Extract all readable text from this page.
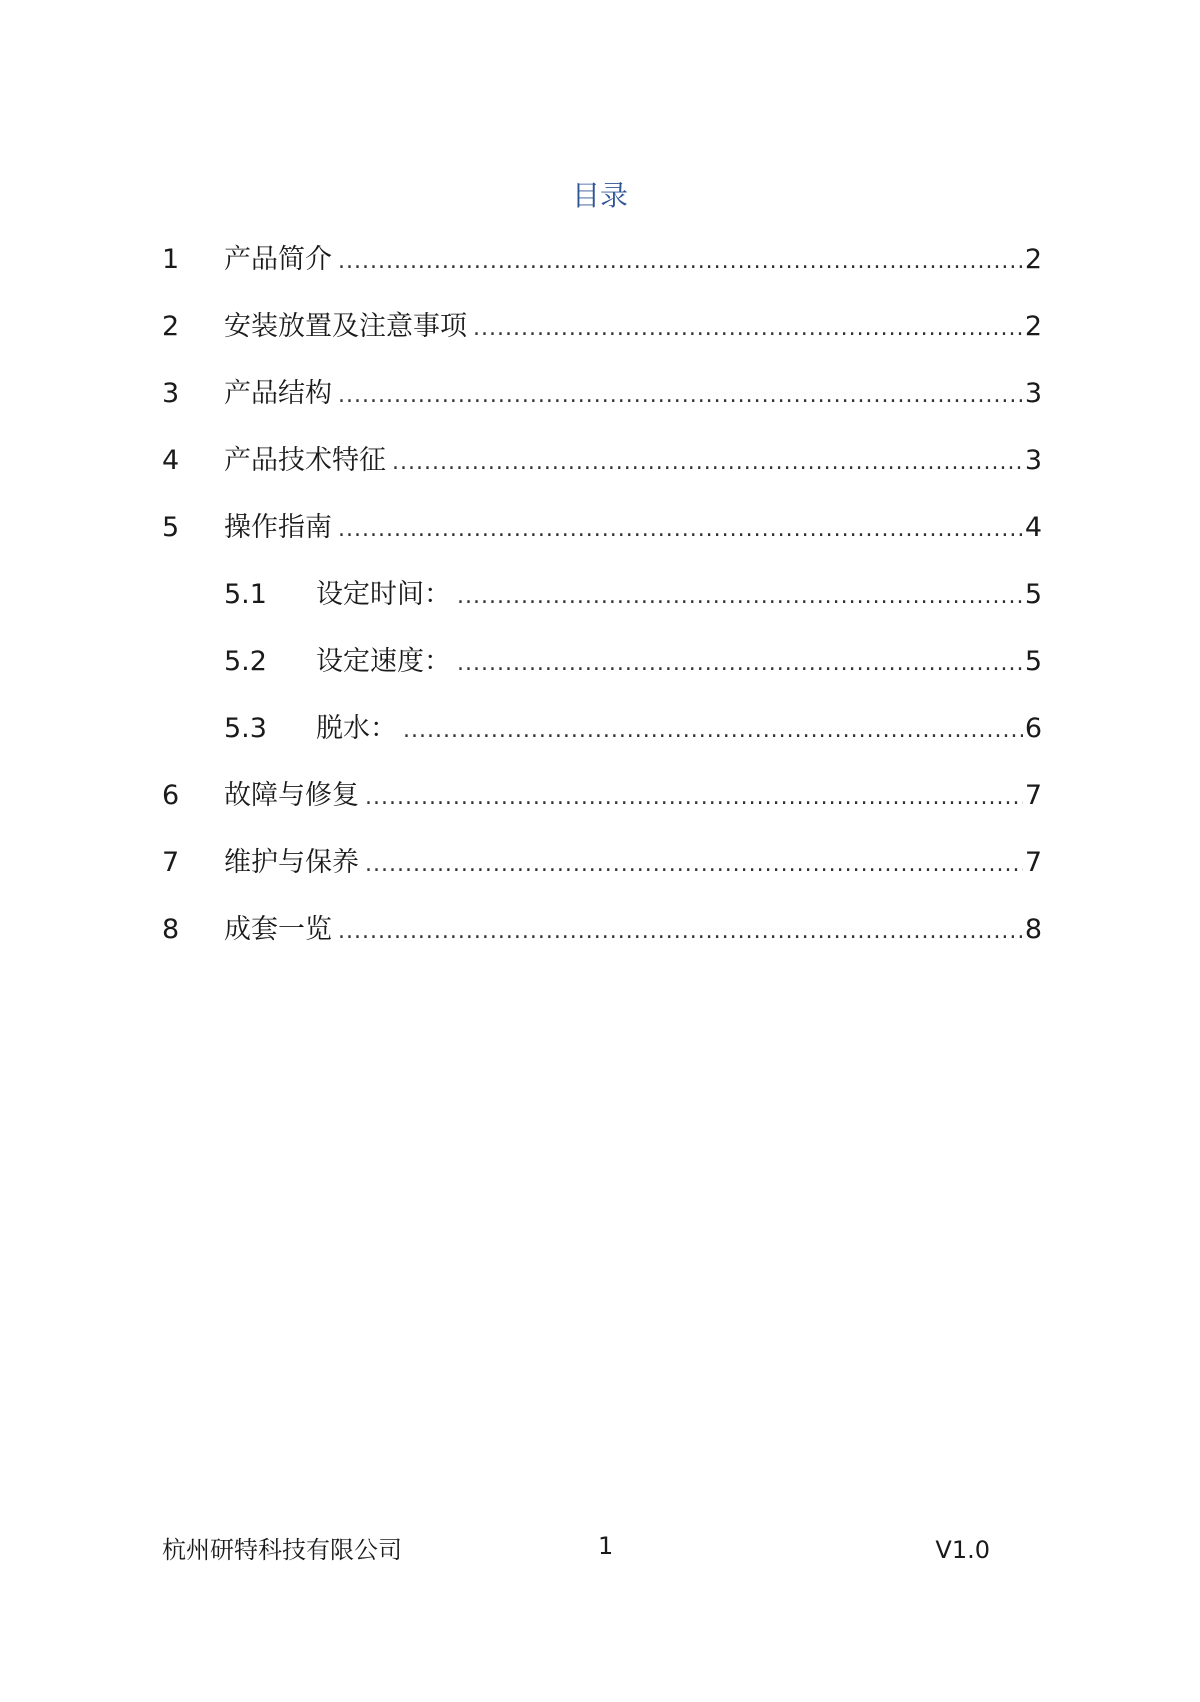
目录
1	产品简介 .....	2
2	安装放置及注意事项 .....	2
3	产品结构 .....	3
4	产品技术特征 .....	3
5	操作指南 .....	4
5.1	设定时间： .....	5
5.2	设定速度： .....	5
5.3	脱水： .....	6
6	故障与修复 .....	7
7	维护与保养 .....	7
8	成套一览 .....	8
杭州研特科技有限公司	1	V1.0
